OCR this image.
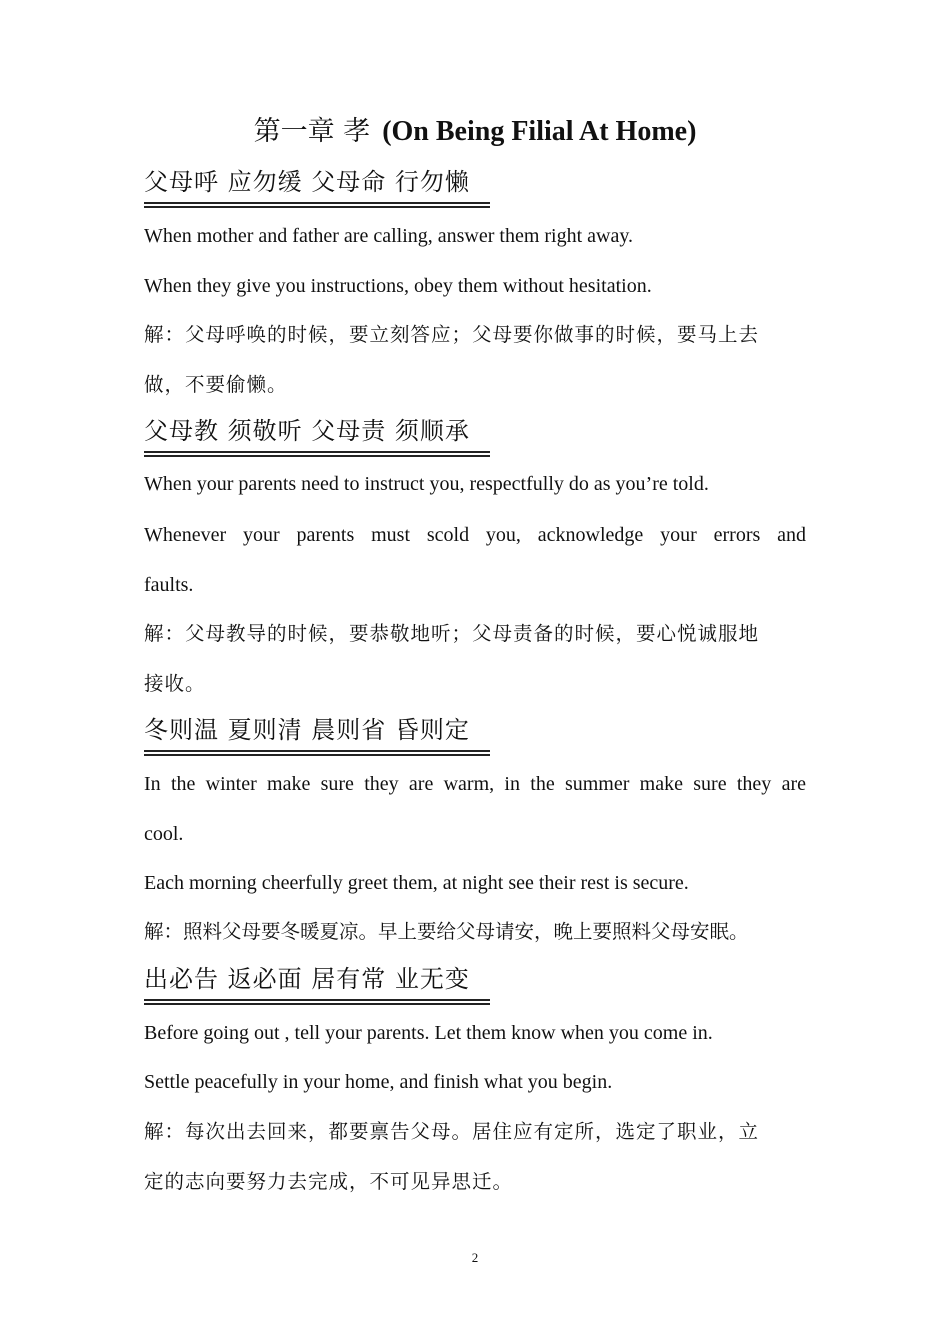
第一章 孝 (On Being Filial At Home)
父母呼 应勿缓 父母命 行勿懒
When mother and father are calling, answer them right away.
When they give you instructions, obey them without hesitation.
解：父母呼唤的时候，要立刻答应；父母要你做事的时候，要马上去
做，不要偷懒。
父母教 须敬听 父母责 须顺承
When your parents need to instruct you, respectfully do as you’re told.
Whenever your parents must scold you, acknowledge your errors and
faults.
解：父母教导的时候，要恭敬地听；父母责备的时候，要心悦诚服地
接收。
冬则温 夏则清 晨则省 昏则定
In the winter make sure they are warm, in the summer make sure they are
cool.
Each morning cheerfully greet them, at night see their rest is secure.
解：照料父母要冬暖夏凉。早上要给父母请安，晚上要照料父母安眠。
出必告 返必面 居有常 业无变
Before going out , tell your parents. Let them know when you come in.
Settle peacefully in your home, and finish what you begin.
解：每次出去回来，都要禀告父母。居住应有定所，选定了职业，立
定的志向要努力去完成，不可见异思迁。
2
